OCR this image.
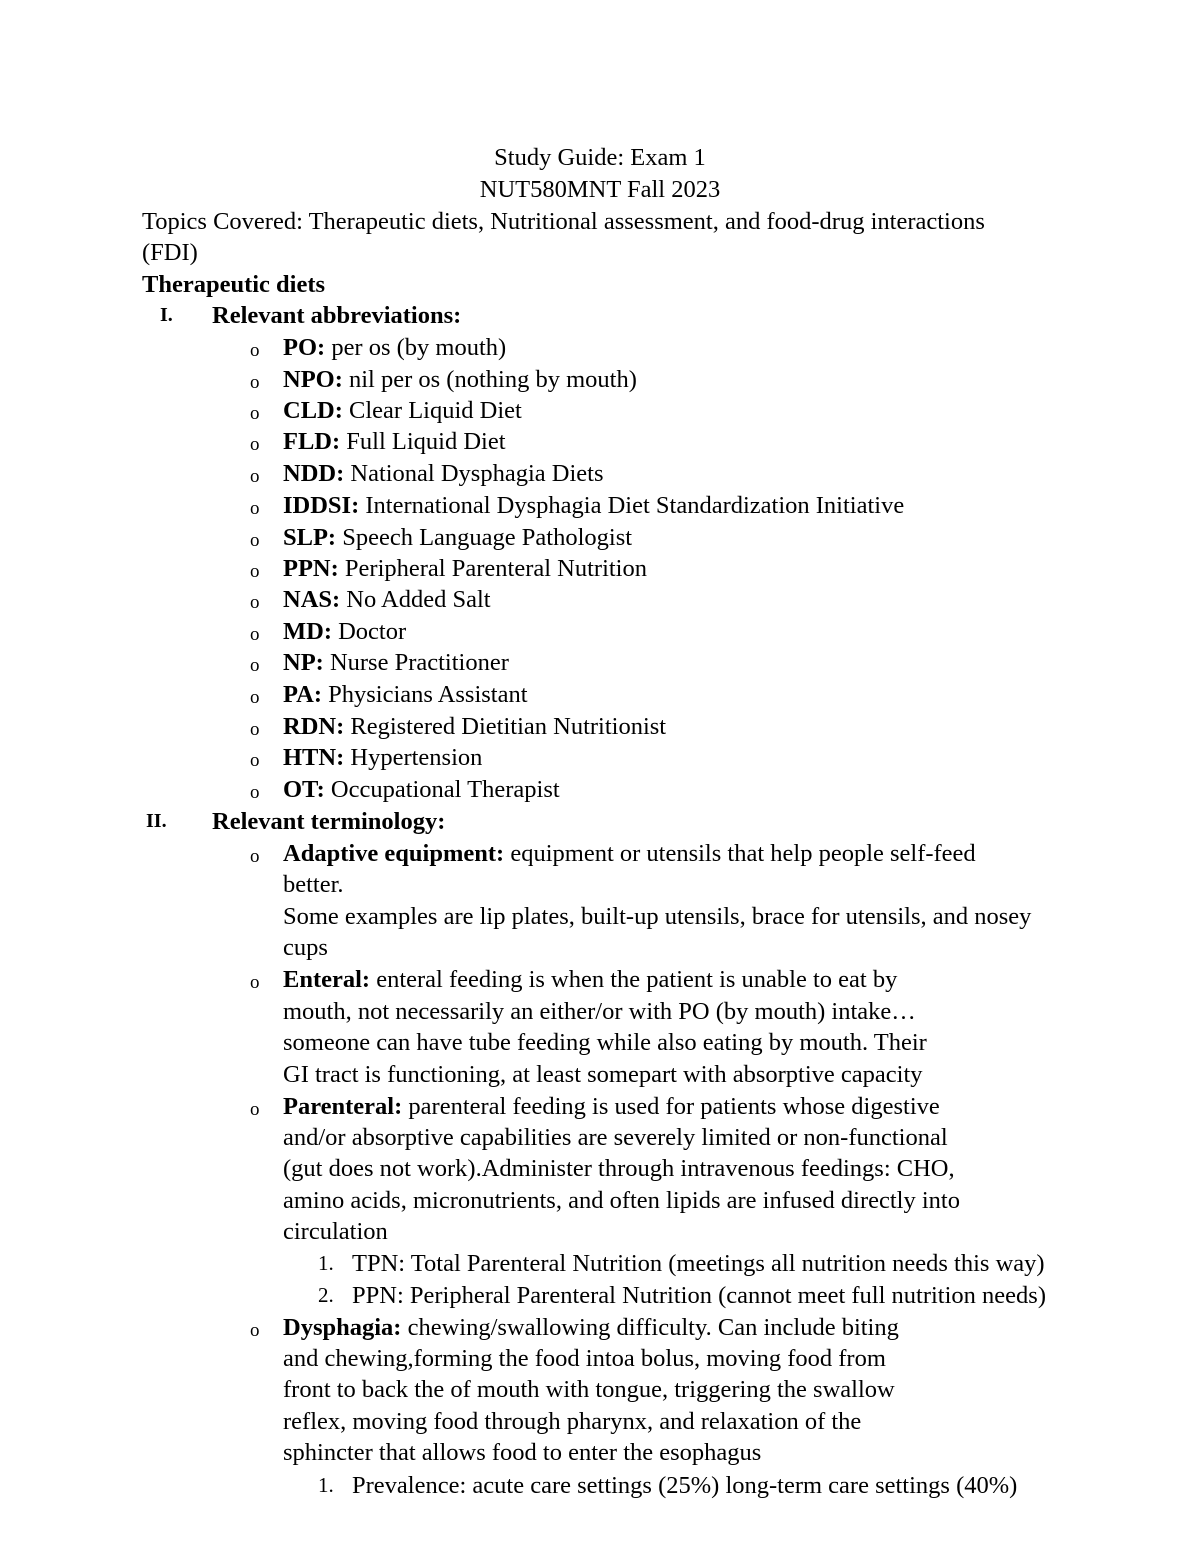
Study Guide: Exam 1
NUT580MNT Fall 2023
Topics Covered: Therapeutic diets, Nutritional assessment, and food-drug interactions
(FDI)
Therapeutic diets
I. Relevant abbreviations:
o PO: per os (by mouth)
o NPO: nil per os (nothing by mouth)
o CLD: Clear Liquid Diet
o FLD: Full Liquid Diet
o NDD: National Dysphagia Diets
o IDDSI: International Dysphagia Diet Standardization Initiative
o SLP: Speech Language Pathologist
o PPN: Peripheral Parenteral Nutrition
o NAS: No Added Salt
o MD: Doctor
o NP: Nurse Practitioner
o PA: Physicians Assistant
o RDN: Registered Dietitian Nutritionist
o HTN: Hypertension
o OT: Occupational Therapist
II. Relevant terminology:
o Adaptive equipment: equipment or utensils that help people self-feed
better.
Some examples are lip plates, built-up utensils, brace for utensils, and nosey
cups
o Enteral: enteral feeding is when the patient is unable to eat by
mouth, not necessarily an either/or with PO (by mouth) intake…
someone can have tube feeding while also eating by mouth. Their
GI tract is functioning, at least somepart with absorptive capacity
o Parenteral: parenteral feeding is used for patients whose digestive
and/or absorptive capabilities are severely limited or non-functional
(gut does not work).Administer through intravenous feedings: CHO,
amino acids, micronutrients, and often lipids are infused directly into
circulation
1. TPN: Total Parenteral Nutrition (meetings all nutrition needs this way)
2. PPN: Peripheral Parenteral Nutrition (cannot meet full nutrition needs)
o Dysphagia: chewing/swallowing difficulty. Can include biting
and chewing,forming the food intoa bolus, moving food from
front to back the of mouth with tongue, triggering the swallow
reflex, moving food through pharynx, and relaxation of the
sphincter that allows food to enter the esophagus
1. Prevalence: acute care settings (25%) long-term care settings (40%)
